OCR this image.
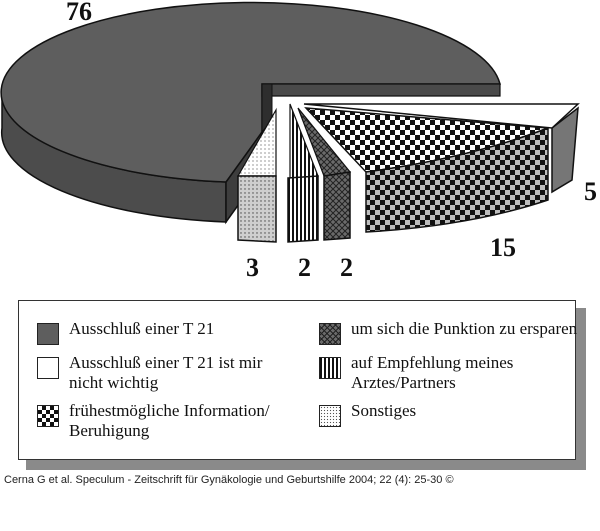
76
5
15
2
2
3
Ausschluß einer T 21
Ausschluß einer T 21 ist mir nicht wichtig
frühestmögliche Information/ Beruhigung
um sich die Punktion zu ersparen
auf Empfehlung meines Arztes/Partners
Sonstiges
Cerna G et al. Speculum - Zeitschrift für Gynäkologie und Geburtshilfe 2004; 22 (4): 25-30 ©
